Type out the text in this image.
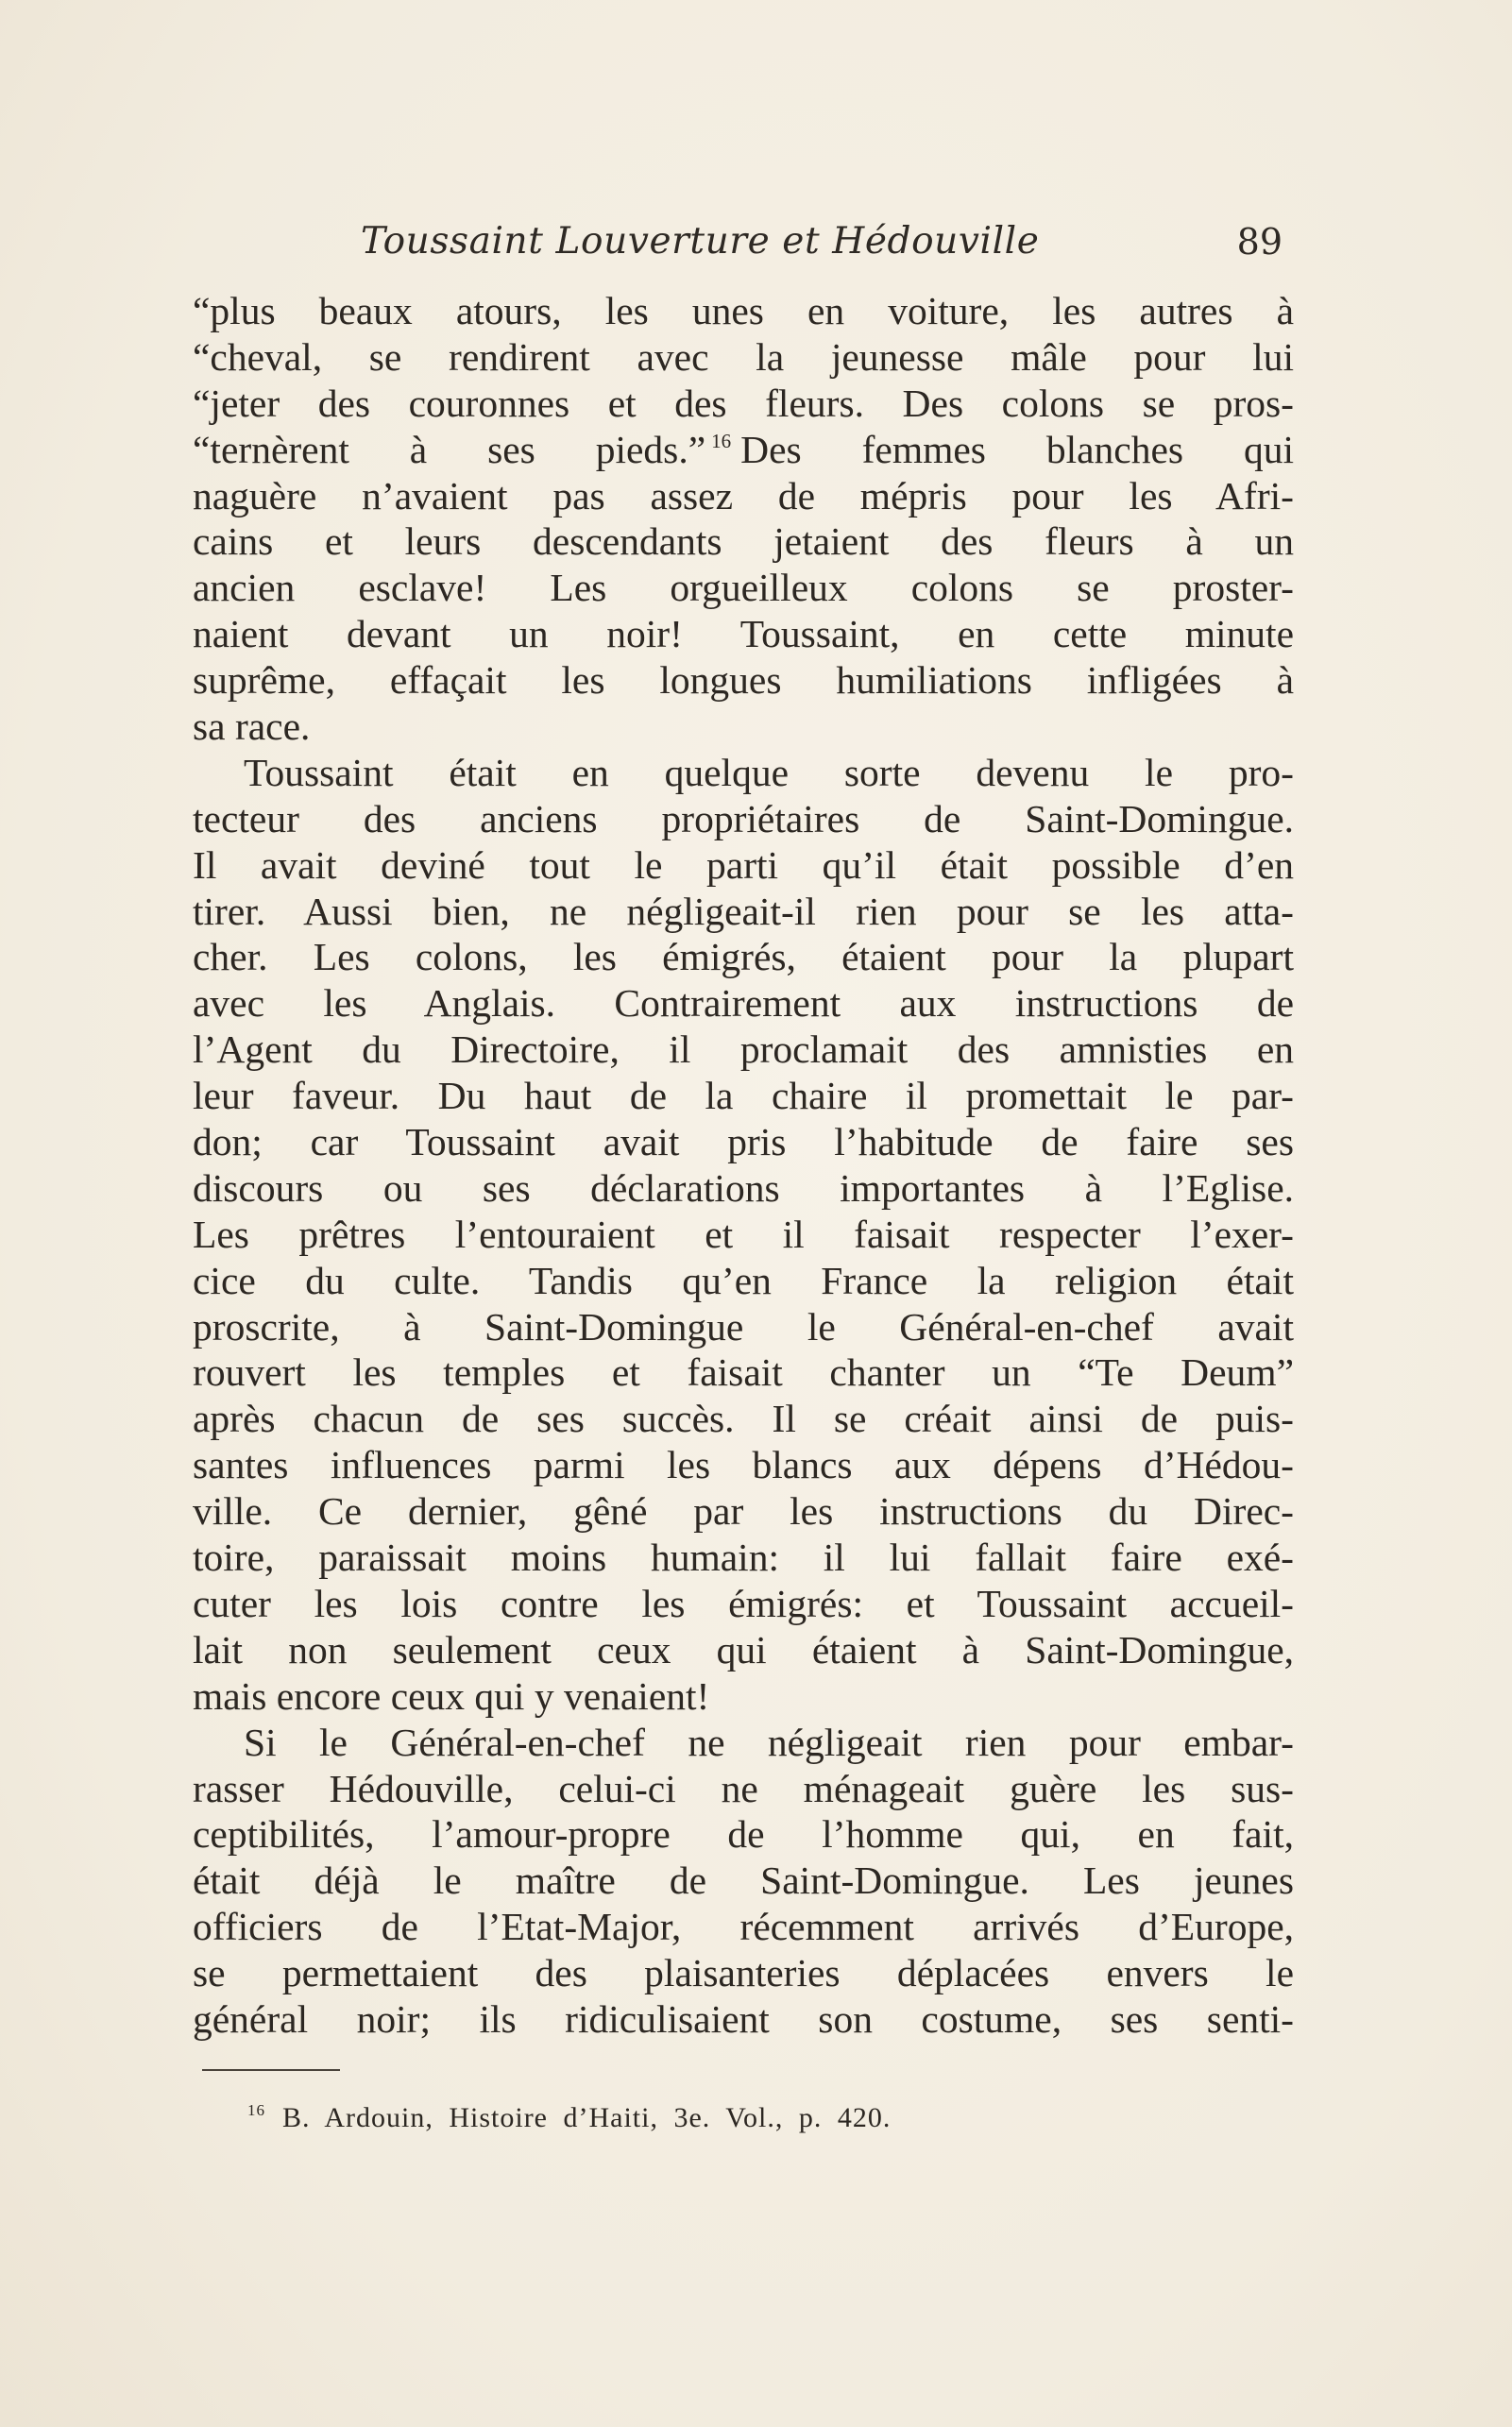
Toussaint Louverture et Hédouville	89
“plus beaux atours, les unes en voiture, les autres à
“cheval, se rendirent avec la jeunesse mâle pour lui
“jeter des couronnes et des fleurs. Des colons se pros-
“ternèrent à ses pieds.” $^{16}$ Des femmes blanches qui
naguère n’avaient pas assez de mépris pour les Afri-
cains et leurs descendants jetaient des fleurs à un
ancien esclave! Les orgueilleux colons se proster-
naient devant un noir! Toussaint, en cette minute
suprême, effaçait les longues humiliations infligées à
sa race.
Toussaint était en quelque sorte devenu le pro-
tecteur des anciens propriétaires de Saint-Domingue.
Il avait deviné tout le parti qu’il était possible d’en
tirer. Aussi bien, ne négligeait-il rien pour se les atta-
cher. Les colons, les émigrés, étaient pour la plupart
avec les Anglais. Contrairement aux instructions de
l’Agent du Directoire, il proclamait des amnisties en
leur faveur. Du haut de la chaire il promettait le par-
don; car Toussaint avait pris l’habitude de faire ses
discours ou ses déclarations importantes à l’Eglise.
Les prêtres l’entouraient et il faisait respecter l’exer-
cice du culte. Tandis qu’en France la religion était
proscrite, à Saint-Domingue le Général-en-chef avait
rouvert les temples et faisait chanter un “Te Deum”
après chacun de ses succès. Il se créait ainsi de puis-
santes influences parmi les blancs aux dépens d’Hédou-
ville. Ce dernier, gêné par les instructions du Direc-
toire, paraissait moins humain: il lui fallait faire exé-
cuter les lois contre les émigrés: et Toussaint accueil-
lait non seulement ceux qui étaient à Saint-Domingue,
mais encore ceux qui y venaient!
Si le Général-en-chef ne négligeait rien pour embar-
rasser Hédouville, celui-ci ne ménageait guère les sus-
ceptibilités, l’amour-propre de l’homme qui, en fait,
était déjà le maître de Saint-Domingue. Les jeunes
officiers de l’Etat-Major, récemment arrivés d’Europe,
se permettaient des plaisanteries déplacées envers le
général noir; ils ridiculisaient son costume, ses senti-
$^{16}$ B. Ardouin, Histoire d’Haiti, 3e. Vol., p. 420.
